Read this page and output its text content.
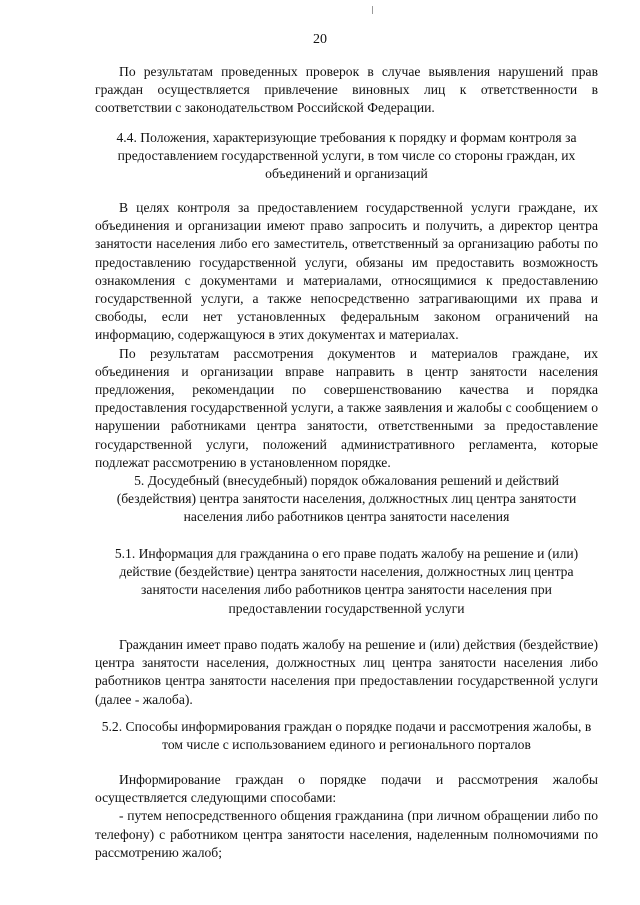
20

По результатам проведенных проверок в случае выявления нарушений прав граждан осуществляется привлечение виновных лиц к ответственности в соответствии с законодательством Российской Федерации.

4.4. Положения, характеризующие требования к порядку и формам контроля за предоставлением государственной услуги, в том числе со стороны граждан, их объединений и организаций

В целях контроля за предоставлением государственной услуги граждане, их объединения и организации имеют право запросить и получить, а директор центра занятости населения либо его заместитель, ответственный за организацию работы по предоставлению государственной услуги, обязаны им предоставить возможность ознакомления с документами и материалами, относящимися к предоставлению государственной услуги, а также непосредственно затрагивающими их права и свободы, если нет установленных федеральным законом ограничений на информацию, содержащуюся в этих документах и материалах.

По результатам рассмотрения документов и материалов граждане, их объединения и организации вправе направить в центр занятости населения предложения, рекомендации по совершенствованию качества и порядка предоставления государственной услуги, а также заявления и жалобы с сообщением о нарушении работниками центра занятости, ответственными за предоставление государственной услуги, положений административного регламента, которые подлежат рассмотрению в установленном порядке.

5. Досудебный (внесудебный) порядок обжалования решений и действий (бездействия) центра занятости населения, должностных лиц центра занятости населения либо работников центра занятости населения

5.1. Информация для гражданина о его праве подать жалобу на решение и (или) действие (бездействие) центра занятости населения, должностных лиц центра занятости населения либо работников центра занятости населения при предоставлении государственной услуги

Гражданин имеет право подать жалобу на решение и (или) действия (бездействие) центра занятости населения, должностных лиц центра занятости населения либо работников центра занятости населения при предоставлении государственной услуги (далее - жалоба).

5.2. Способы информирования граждан о порядке подачи и рассмотрения жалобы, в том числе с использованием единого и регионального порталов

Информирование граждан о порядке подачи и рассмотрения жалобы осуществляется следующими способами:

- путем непосредственного общения гражданина (при личном обращении либо по телефону) с работником центра занятости населения, наделенным полномочиями по рассмотрению жалоб;
